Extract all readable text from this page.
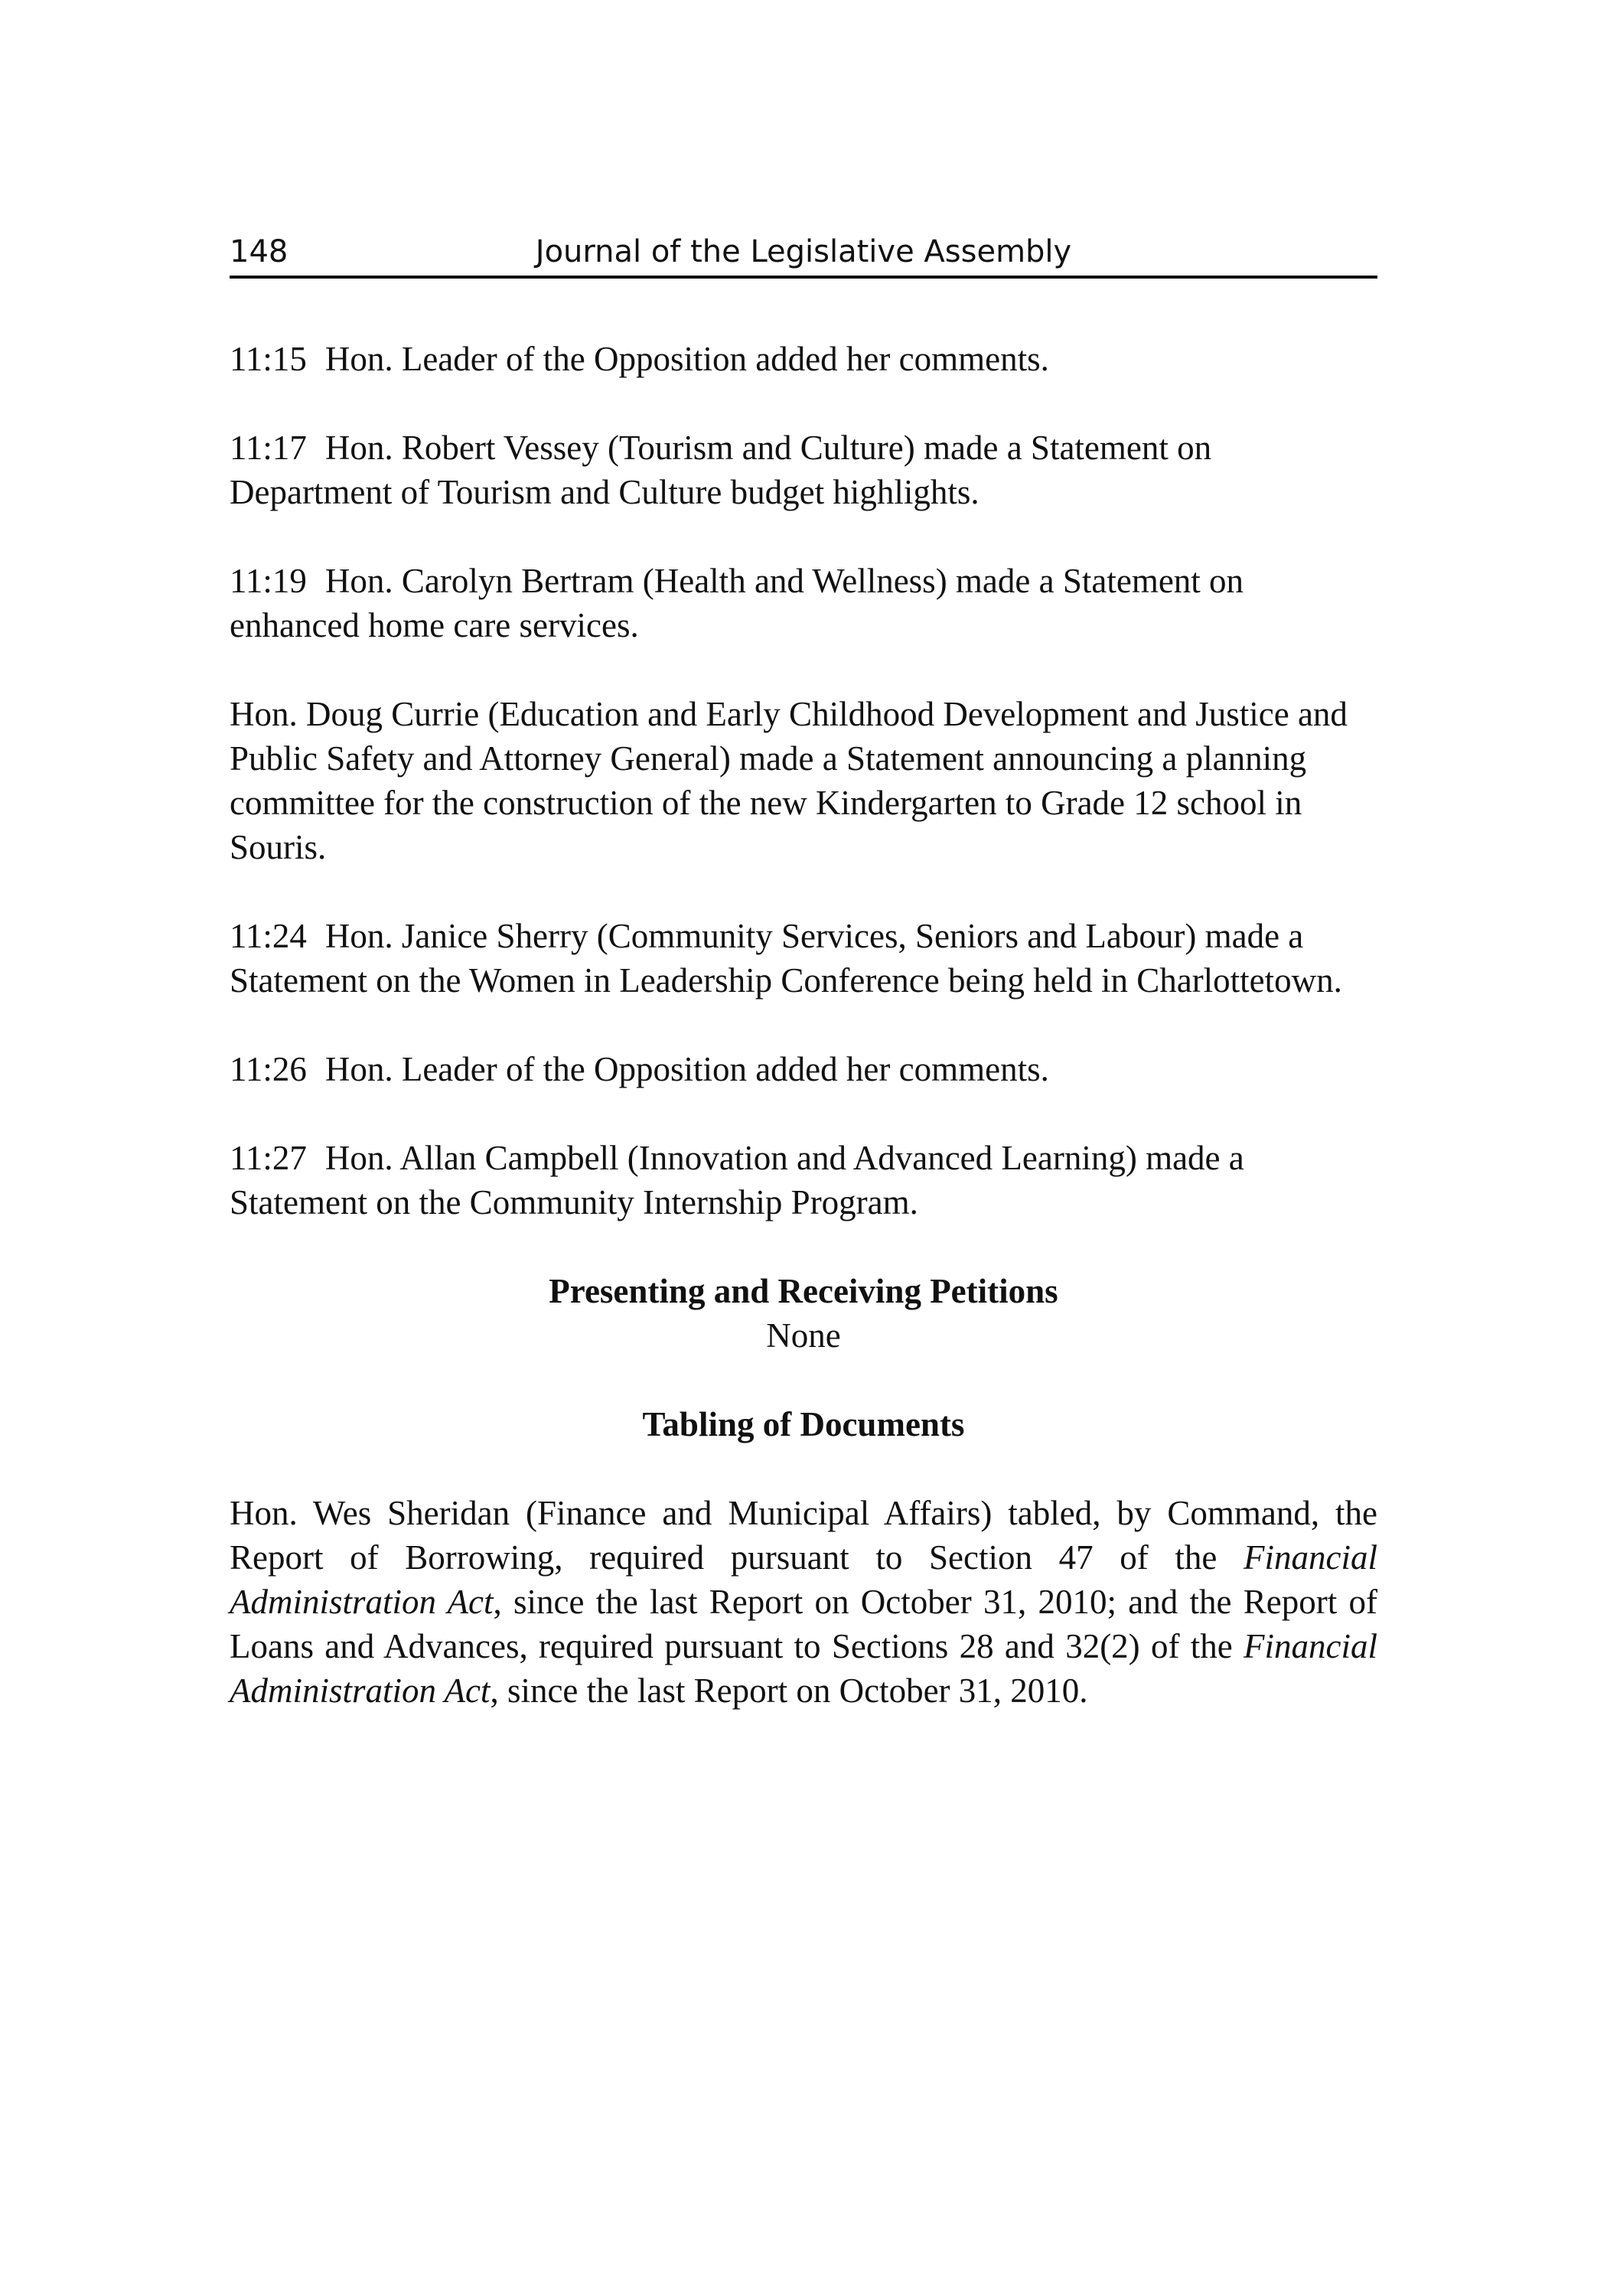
148	Journal of the Legislative Assembly

11:15 Hon. Leader of the Opposition added her comments.

11:17 Hon. Robert Vessey (Tourism and Culture) made a Statement on Department of Tourism and Culture budget highlights.

11:19 Hon. Carolyn Bertram (Health and Wellness) made a Statement on enhanced home care services.

Hon. Doug Currie (Education and Early Childhood Development and Justice and Public Safety and Attorney General) made a Statement announcing a planning committee for the construction of the new Kindergarten to Grade 12 school in Souris.

11:24 Hon. Janice Sherry (Community Services, Seniors and Labour) made a Statement on the Women in Leadership Conference being held in Charlottetown.

11:26 Hon. Leader of the Opposition added her comments.

11:27 Hon. Allan Campbell (Innovation and Advanced Learning) made a Statement on the Community Internship Program.

Presenting and Receiving Petitions

None

Tabling of Documents

Hon. Wes Sheridan (Finance and Municipal Affairs) tabled, by Command, the Report of Borrowing, required pursuant to Section 47 of the Financial Administration Act, since the last Report on October 31, 2010; and the Report of Loans and Advances, required pursuant to Sections 28 and 32(2) of the Financial Administration Act, since the last Report on October 31, 2010.
